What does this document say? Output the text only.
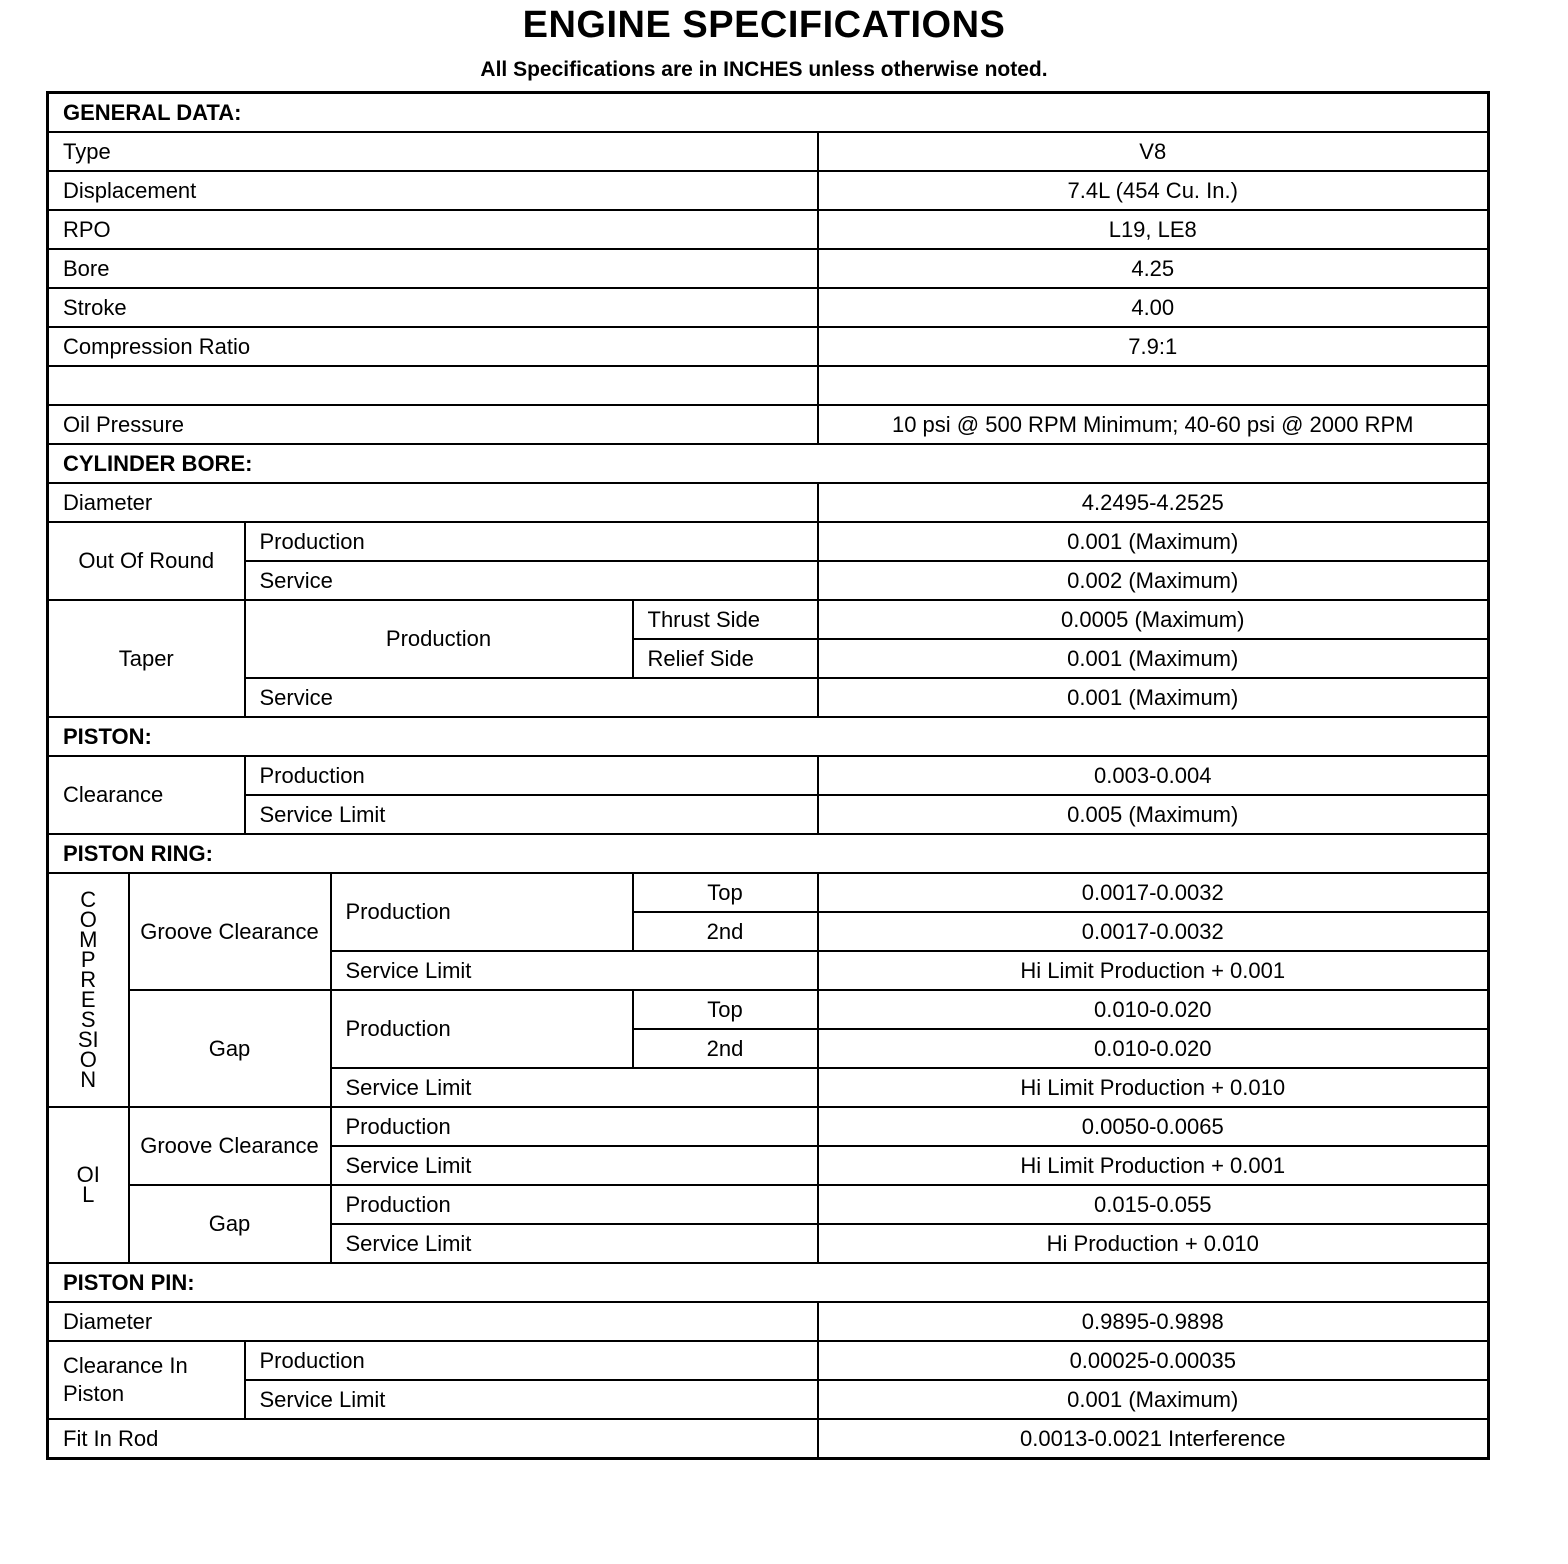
ENGINE SPECIFICATIONS
All Specifications are in INCHES unless otherwise noted.
GENERAL DATA:					
Type					V8
Displacement					7.4L (454 Cu. In.)
RPO					L19, LE8
Bore					4.25
Stroke					4.00
Compression Ratio					7.9:1

Oil Pressure					10 psi @ 500 RPM Minimum; 40-60 psi @ 2000 RPM
CYLINDER BORE:					
Diameter					4.2495-4.2525
Out Of Round		Production			0.001 (Maximum)
		Service			0.002 (Maximum)
Taper		Production		Thrust Side	0.0005 (Maximum)
				Relief Side	0.001 (Maximum)
		Service			0.001 (Maximum)
PISTON:					
Clearance		Production			0.003-0.004
		Service Limit			0.005 (Maximum)
PISTON RING:					

COMPRESSION	Groove Clearance		Production	Top	0.0017-0.0032
				2nd	0.0017-0.0032
			Service Limit		Hi Limit Production + 0.001
	Gap		Production	Top	0.010-0.020
				2nd	0.010-0.020
			Service Limit		Hi Limit Production + 0.010

OIL	Groove Clearance		Production		0.0050-0.0065
			Service Limit		Hi Limit Production + 0.001
	Gap		Production		0.015-0.055
			Service Limit		Hi Production + 0.010
PISTON PIN:					
Diameter					0.9895-0.9898
Clearance In Piston		Production			0.00025-0.00035
		Service Limit			0.001 (Maximum)
Fit In Rod					0.0013-0.0021 Interference
